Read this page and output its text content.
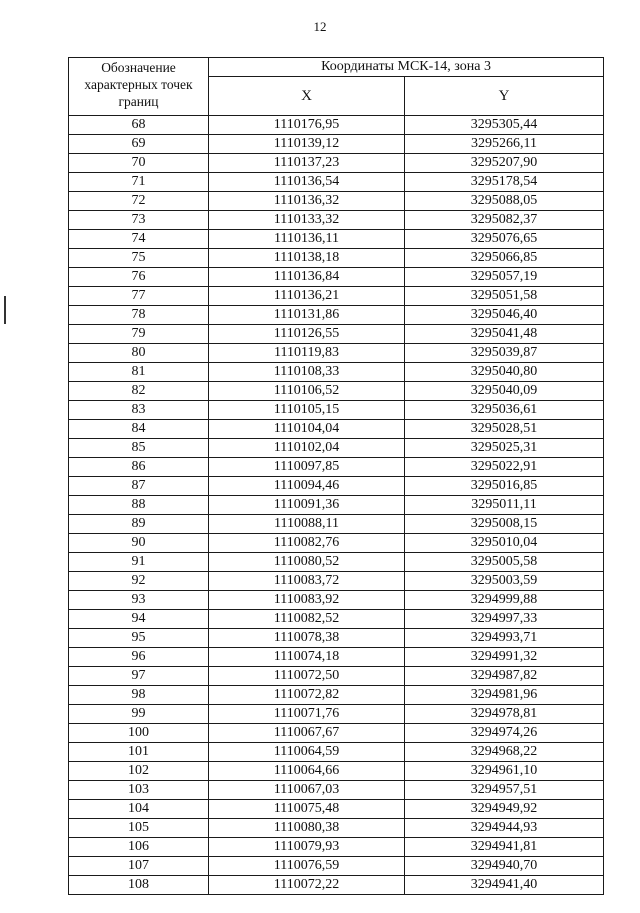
12
Обозначение характерных точек границ	Координаты МСК-14, зона 3	
	X	Y
68	1110176,95	3295305,44
69	1110139,12	3295266,11
70	1110137,23	3295207,90
71	1110136,54	3295178,54
72	1110136,32	3295088,05
73	1110133,32	3295082,37
74	1110136,11	3295076,65
75	1110138,18	3295066,85
76	1110136,84	3295057,19
77	1110136,21	3295051,58
78	1110131,86	3295046,40
79	1110126,55	3295041,48
80	1110119,83	3295039,87
81	1110108,33	3295040,80
82	1110106,52	3295040,09
83	1110105,15	3295036,61
84	1110104,04	3295028,51
85	1110102,04	3295025,31
86	1110097,85	3295022,91
87	1110094,46	3295016,85
88	1110091,36	3295011,11
89	1110088,11	3295008,15
90	1110082,76	3295010,04
91	1110080,52	3295005,58
92	1110083,72	3295003,59
93	1110083,92	3294999,88
94	1110082,52	3294997,33
95	1110078,38	3294993,71
96	1110074,18	3294991,32
97	1110072,50	3294987,82
98	1110072,82	3294981,96
99	1110071,76	3294978,81
100	1110067,67	3294974,26
101	1110064,59	3294968,22
102	1110064,66	3294961,10
103	1110067,03	3294957,51
104	1110075,48	3294949,92
105	1110080,38	3294944,93
106	1110079,93	3294941,81
107	1110076,59	3294940,70
108	1110072,22	3294941,40
